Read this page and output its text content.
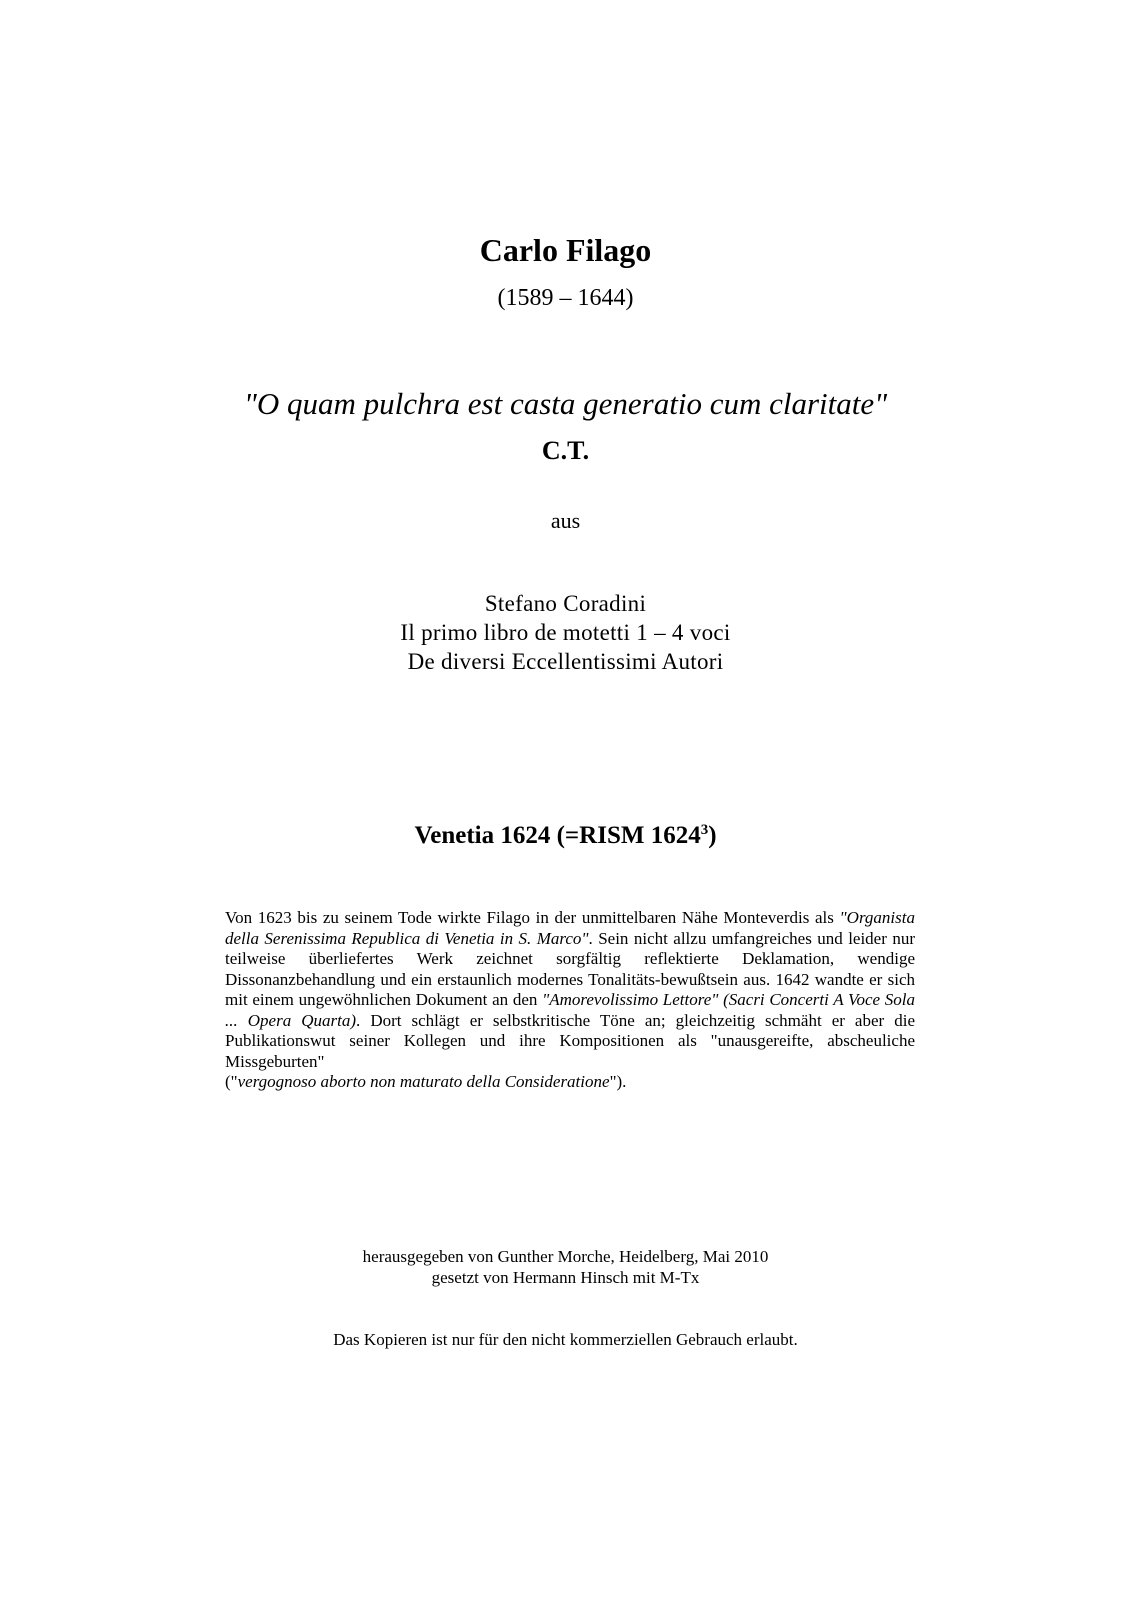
Carlo Filago
(1589 – 1644)
"O quam pulchra est casta generatio cum claritate"
C.T.
aus
Stefano Coradini
Il primo libro de motetti 1 – 4 voci
De diversi Eccellentissimi Autori
Venetia 1624 (=RISM 1624$^3$)

Von 1623 bis zu seinem Tode wirkte Filago in der unmittelbaren Nähe Monteverdis als "Organista della Serenissima Republica di Venetia in S. Marco". Sein nicht allzu umfangreiches und leider nur teilweise überliefertes Werk zeichnet sorgfältig reflektierte Deklamation, wendige Dissonanzbehandlung und ein erstaunlich modernes Tonalitäts-bewußtsein aus. 1642 wandte er sich mit einem ungewöhnlichen Dokument an den "Amorevolissimo Lettore" (Sacri Concerti A Voce Sola ... Opera Quarta). Dort schlägt er selbstkritische Töne an; gleichzeitig schmäht er aber die Publikationswut seiner Kollegen und ihre Kompositionen als "unausgereifte, abscheuliche Missgeburten"

("vergognoso aborto non maturato della Consideratione").

herausgegeben von Gunther Morche, Heidelberg, Mai 2010
gesetzt von Hermann Hinsch mit M-Tx
Das Kopieren ist nur für den nicht kommerziellen Gebrauch erlaubt.
